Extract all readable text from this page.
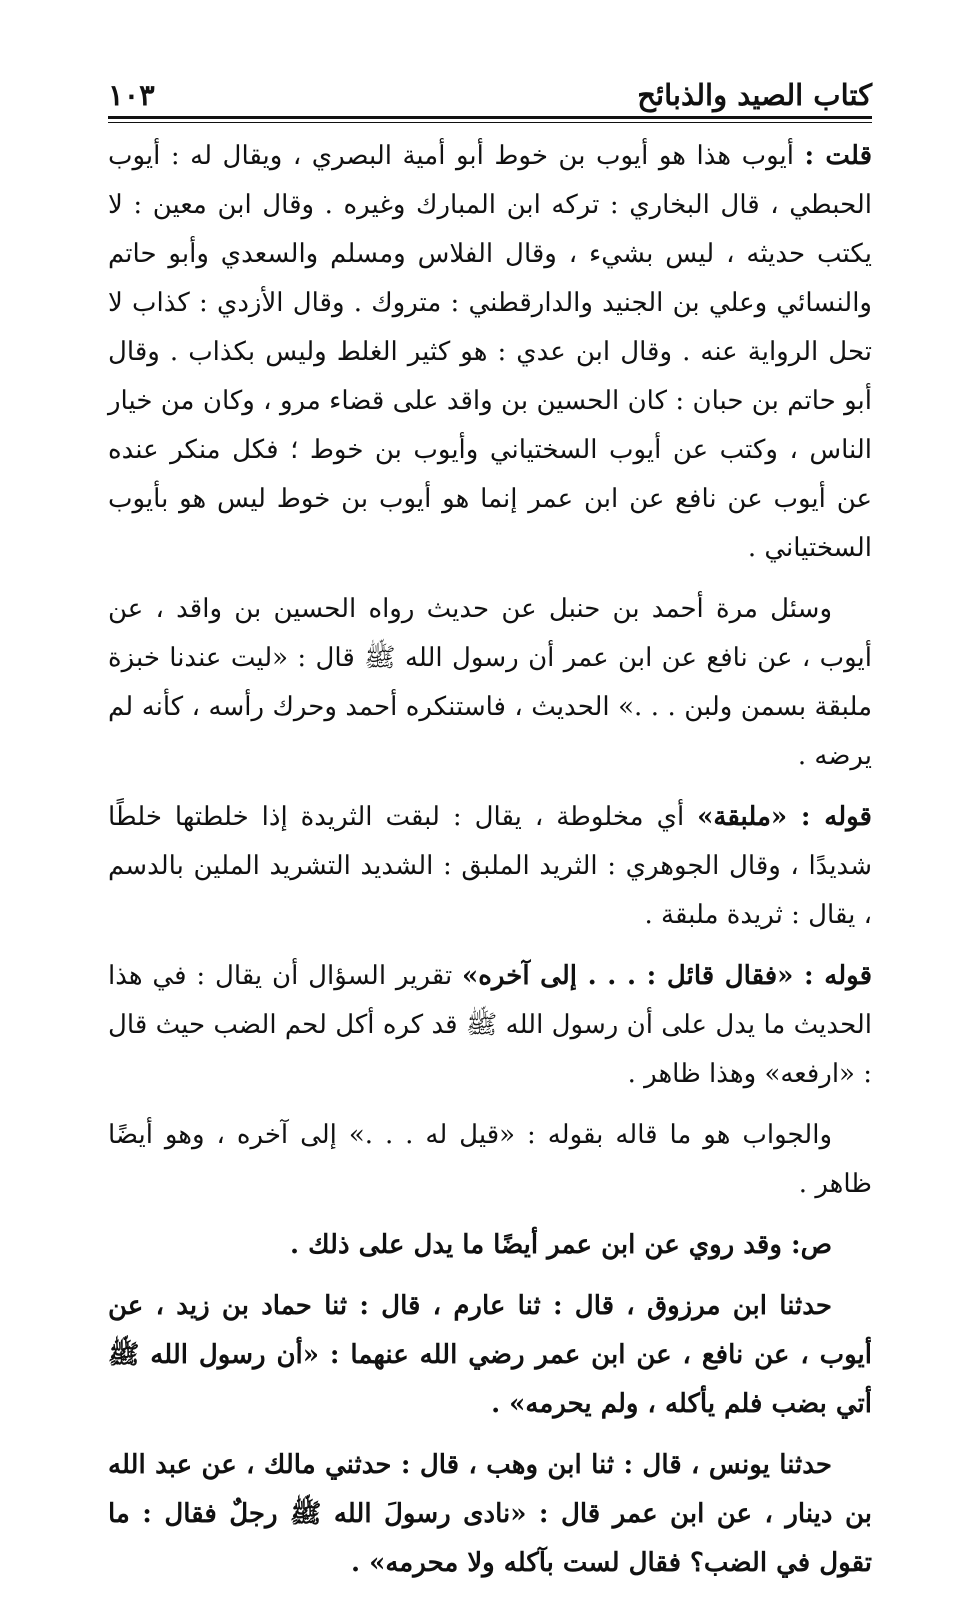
كتاب الصيد والذبائح
١٠٣

قلت : أيوب هذا هو أيوب بن خوط أبو أمية البصري ، ويقال له : أيوب الحبطي ، قال البخاري : تركه ابن المبارك وغيره . وقال ابن معين : لا يكتب حديثه ، ليس بشيء ، وقال الفلاس ومسلم والسعدي وأبو حاتم والنسائي وعلي بن الجنيد والدارقطني : متروك . وقال الأزدي : كذاب لا تحل الرواية عنه . وقال ابن عدي : هو كثير الغلط وليس بكذاب . وقال أبو حاتم بن حبان : كان الحسين بن واقد على قضاء مرو ، وكان من خيار الناس ، وكتب عن أيوب السختياني وأيوب بن خوط ؛ فكل منكر عنده عن أيوب عن نافع عن ابن عمر إنما هو أيوب بن خوط ليس هو بأيوب السختياني .

وسئل مرة أحمد بن حنبل عن حديث رواه الحسين بن واقد ، عن أيوب ، عن نافع عن ابن عمر أن رسول الله ﷺ قال : «ليت عندنا خبزة ملبقة بسمن ولبن . . .» الحديث ، فاستنكره أحمد وحرك رأسه ، كأنه لم يرضه .

قوله : «ملبقة» أي مخلوطة ، يقال : لبقت الثريدة إذا خلطتها خلطًا شديدًا ، وقال الجوهري : الثريد الملبق : الشديد التشريد الملين بالدسم ، يقال : ثريدة ملبقة .

قوله : «فقال قائل : . . . إلى آخره» تقرير السؤال أن يقال : في هذا الحديث ما يدل على أن رسول الله ﷺ قد كره أكل لحم الضب حيث قال : «ارفعه» وهذا ظاهر .

والجواب هو ما قاله بقوله : «قيل له . . .» إلى آخره ، وهو أيضًا ظاهر .

ص: وقد روي عن ابن عمر أيضًا ما يدل على ذلك .

حدثنا ابن مرزوق ، قال : ثنا عارم ، قال : ثنا حماد بن زيد ، عن أيوب ، عن نافع ، عن ابن عمر رضي الله عنهما : «أن رسول الله ﷺ أتي بضب فلم يأكله ، ولم يحرمه» .

حدثنا يونس ، قال : ثنا ابن وهب ، قال : حدثني مالك ، عن عبد الله بن دينار ، عن ابن عمر قال : «نادى رسولَ الله ﷺ رجلٌ فقال : ما تقول في الضب؟ فقال لست بآكله ولا محرمه» .
